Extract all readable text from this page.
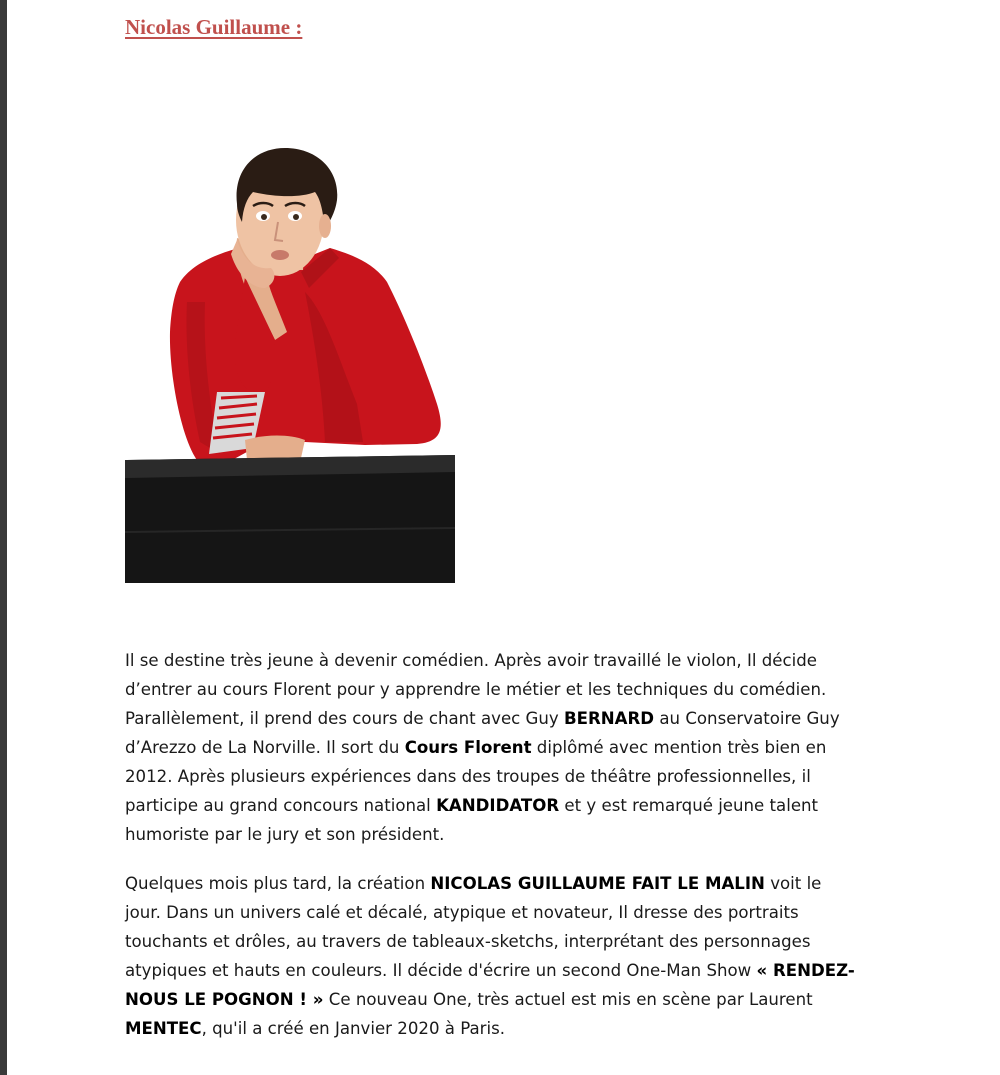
Nicolas Guillaume :
Il se destine très jeune à devenir comédien. Après avoir travaillé le violon, Il décide
d’entrer au cours Florent pour y apprendre le métier et les techniques du comédien.
Parallèlement, il prend des cours de chant avec Guy BERNARD au Conservatoire Guy
d’Arezzo de La Norville. Il sort du Cours Florent diplômé avec mention très bien en
2012. Après plusieurs expériences dans des troupes de théâtre professionnelles, il
participe au grand concours national KANDIDATOR et y est remarqué jeune talent
humoriste par le jury et son président.
Quelques mois plus tard, la création NICOLAS GUILLAUME FAIT LE MALIN voit le
jour. Dans un univers calé et décalé, atypique et novateur, Il dresse des portraits
touchants et drôles, au travers de tableaux-sketchs, interprétant des personnages
atypiques et hauts en couleurs. Il décide d'écrire un second One-Man Show « RENDEZ-
NOUS LE POGNON ! » Ce nouveau One, très actuel est mis en scène par Laurent
MENTEC, qu'il a créé en Janvier 2020 à Paris.
